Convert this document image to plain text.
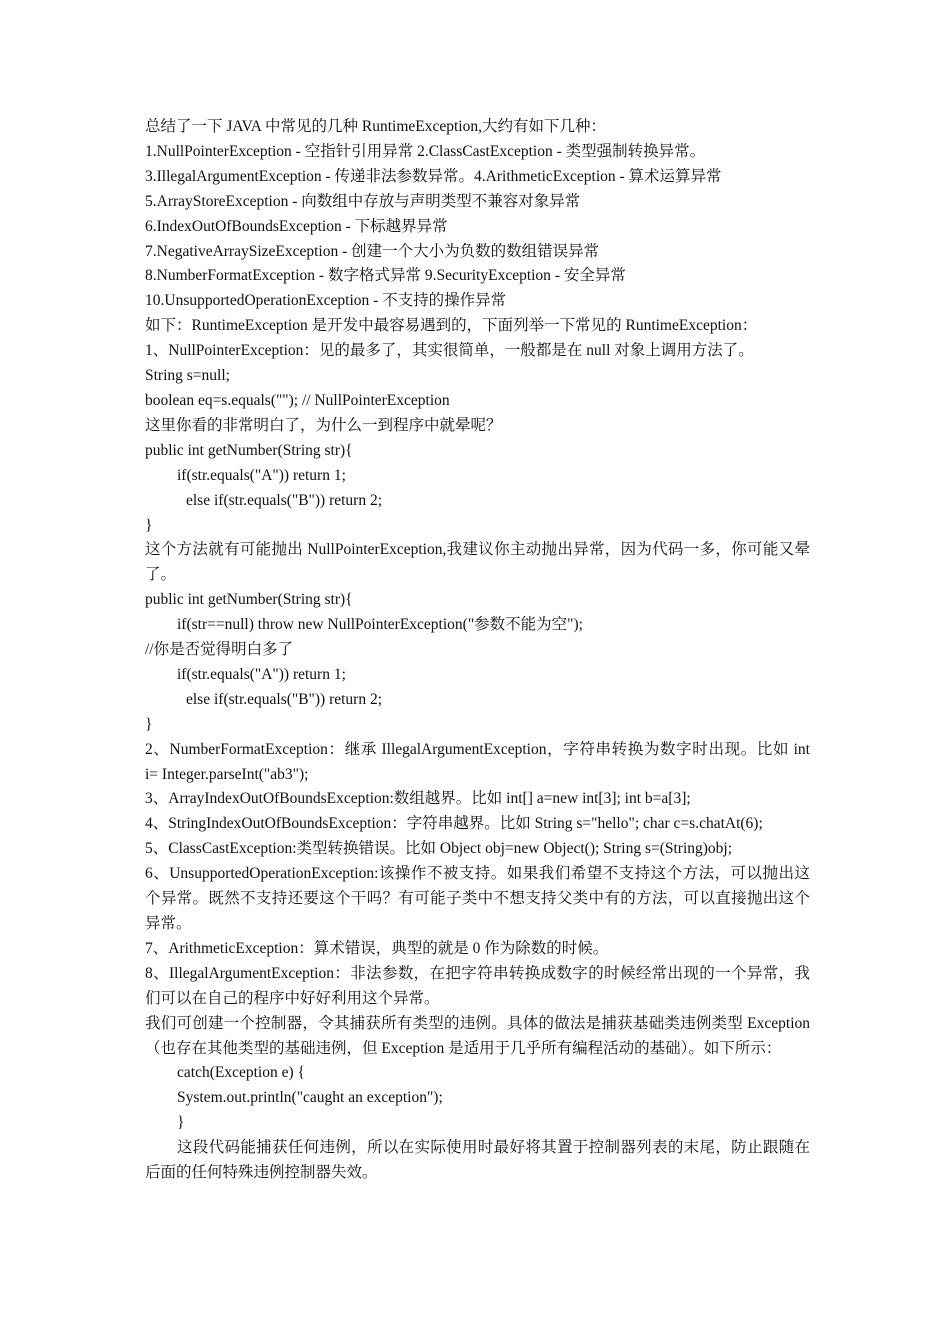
总结了一下 JAVA 中常见的几种 RuntimeException,大约有如下几种：
1.NullPointerException - 空指针引用异常 2.ClassCastException - 类型强制转换异常。
3.IllegalArgumentException - 传递非法参数异常。4.ArithmeticException - 算术运算异常
5.ArrayStoreException - 向数组中存放与声明类型不兼容对象异常
6.IndexOutOfBoundsException - 下标越界异常
7.NegativeArraySizeException - 创建一个大小为负数的数组错误异常
8.NumberFormatException - 数字格式异常 9.SecurityException - 安全异常
10.UnsupportedOperationException - 不支持的操作异常
如下：RuntimeException 是开发中最容易遇到的，下面列举一下常见的 RuntimeException：
1、NullPointerException：见的最多了，其实很简单，一般都是在 null 对象上调用方法了。
String s=null;
boolean eq=s.equals(""); // NullPointerException
这里你看的非常明白了，为什么一到程序中就晕呢？
public int getNumber(String str){
if(str.equals("A")) return 1;
else if(str.equals("B")) return 2;
}
这个方法就有可能抛出 NullPointerException,我建议你主动抛出异常，因为代码一多，你可能又晕了。
public int getNumber(String str){
if(str==null) throw new NullPointerException("参数不能为空");
//你是否觉得明白多了
if(str.equals("A")) return 1;
else if(str.equals("B")) return 2;
}
2、NumberFormatException：继承 IllegalArgumentException，字符串转换为数字时出现。比如 int i= Integer.parseInt("ab3");
3、ArrayIndexOutOfBoundsException:数组越界。比如 int[] a=new int[3]; int b=a[3];
4、StringIndexOutOfBoundsException：字符串越界。比如 String s="hello"; char c=s.chatAt(6);
5、ClassCastException:类型转换错误。比如 Object obj=new Object(); String s=(String)obj;
6、UnsupportedOperationException:该操作不被支持。如果我们希望不支持这个方法，可以抛出这个异常。既然不支持还要这个干吗？有可能子类中不想支持父类中有的方法，可以直接抛出这个异常。
7、ArithmeticException：算术错误，典型的就是 0 作为除数的时候。
8、IllegalArgumentException：非法参数，在把字符串转换成数字的时候经常出现的一个异常，我们可以在自己的程序中好好利用这个异常。
我们可创建一个控制器，令其捕获所有类型的违例。具体的做法是捕获基础类违例类型 Exception（也存在其他类型的基础违例，但 Exception 是适用于几乎所有编程活动的基础）。如下所示：
catch(Exception e) {
System.out.println("caught an exception");
}
这段代码能捕获任何违例，所以在实际使用时最好将其置于控制器列表的末尾，防止跟随在后面的任何特殊违例控制器失效。
